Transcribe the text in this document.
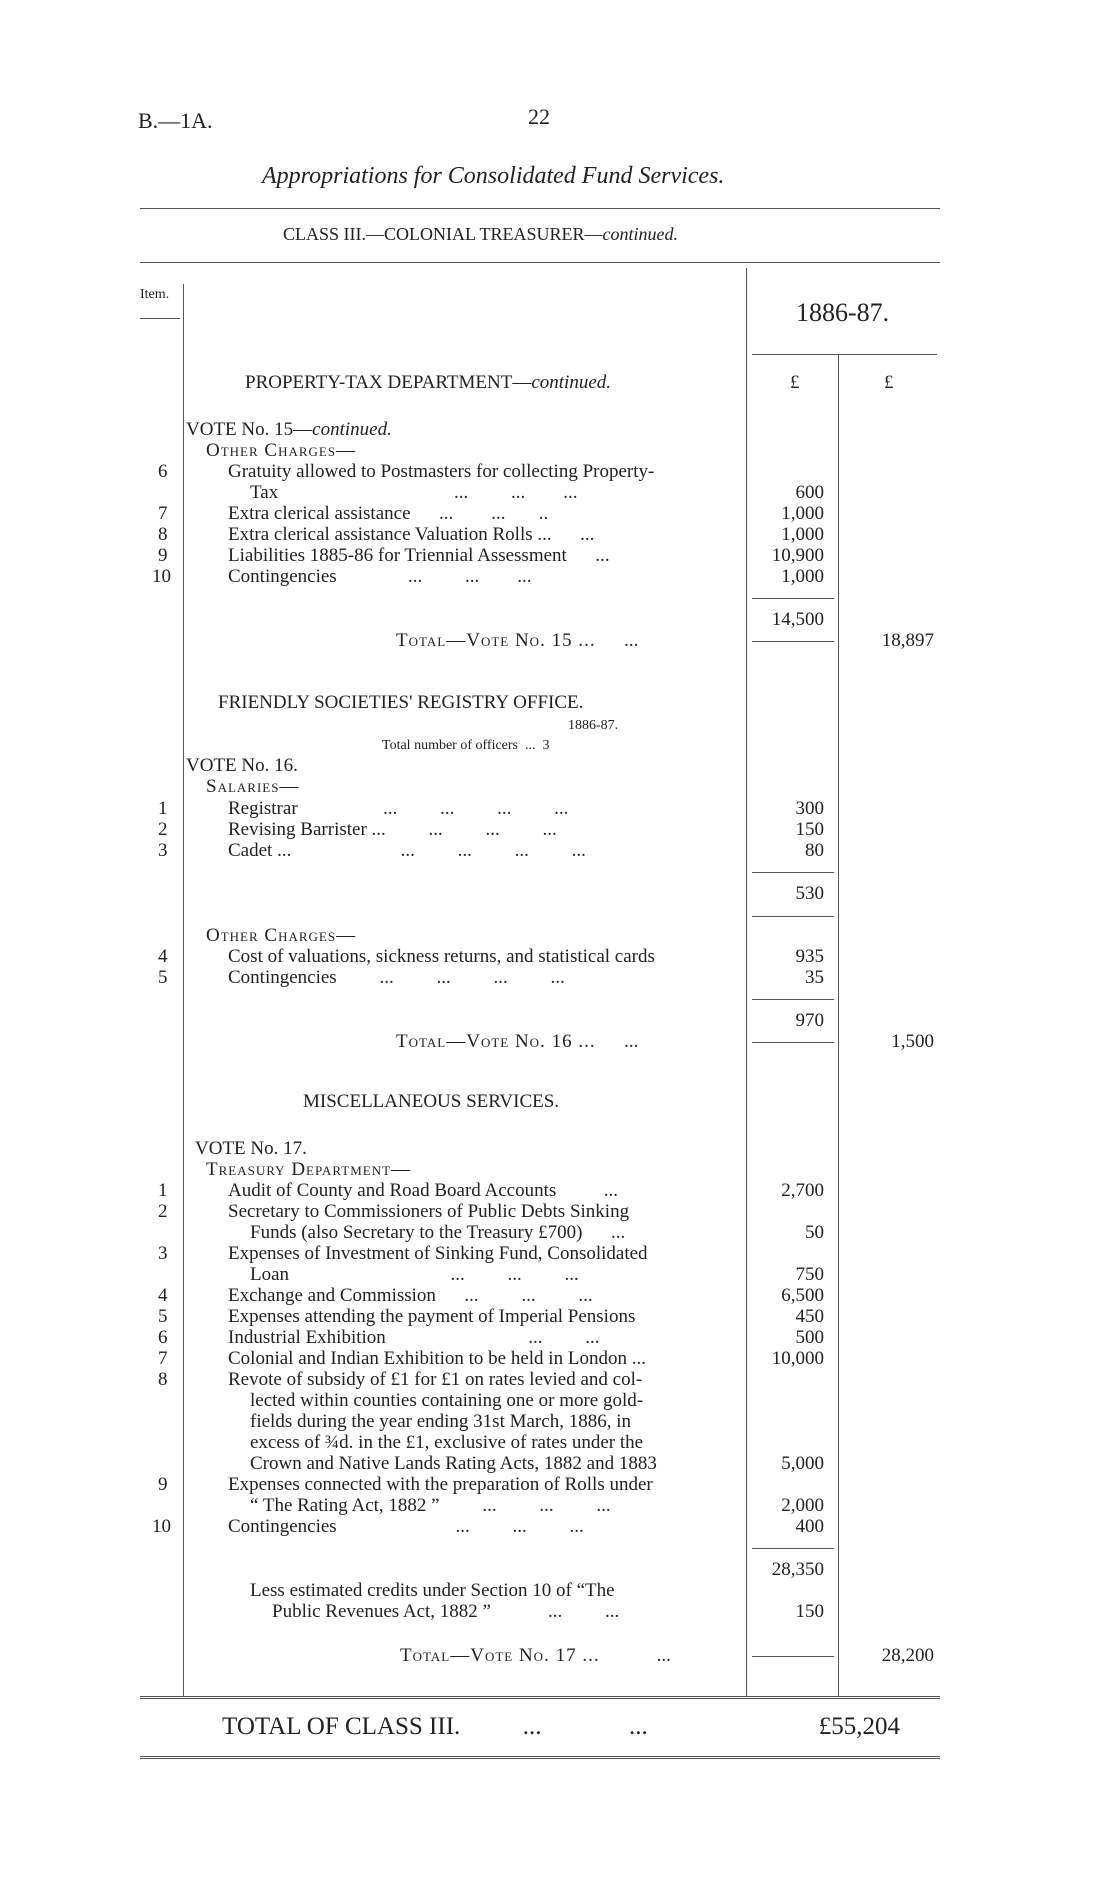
B.—1A.	22
Appropriations for Consolidated Fund Services.
CLASS III.—COLONIAL TREASURER—continued.
Item.
1886-87.
£	£
PROPERTY-TAX DEPARTMENT—continued.
VOTE No. 15—continued.
Other Charges—
6	Gratuity allowed to Postmasters for collecting Property-
Tax                                     ...         ...        ...	600
7	Extra clerical assistance      ...        ...       ..	1,000
8	Extra clerical assistance Valuation Rolls ...      ...	1,000
9	Liabilities 1885-86 for Triennial Assessment      ...	10,900
10	Contingencies               ...         ...        ...	1,000
14,500
Total—Vote No. 15 ...      ...	18,897
FRIENDLY SOCIETIES' REGISTRY OFFICE.
1886-87.
Total number of officers  ...  3
VOTE No. 16.
Salaries—
1	Registrar                  ...         ...         ...         ...	300
2	Revising Barrister ...         ...         ...         ...	150
3	Cadet ...                       ...         ...         ...         ...	80
530
Other Charges—
4	Cost of valuations, sickness returns, and statistical cards	935
5	Contingencies         ...         ...         ...         ...	35
970
Total—Vote No. 16 ...      ...	1,500
MISCELLANEOUS SERVICES.
VOTE No. 17.
Treasury Department—
1	Audit of County and Road Board Accounts          ...	2,700
2	Secretary to Commissioners of Public Debts Sinking
Funds (also Secretary to the Treasury £700)      ...	50
3	Expenses of Investment of Sinking Fund, Consolidated
Loan                                  ...         ...         ...	750
4	Exchange and Commission      ...         ...         ...	6,500
5	Expenses attending the payment of Imperial Pensions	450
6	Industrial Exhibition                              ...         ...	500
7	Colonial and Indian Exhibition to be held in London ...	10,000
8	Revote of subsidy of £1 for £1 on rates levied and col-
lected within counties containing one or more gold-
fields during the year ending 31st March, 1886, in
excess of ¾d. in the £1, exclusive of rates under the
Crown and Native Lands Rating Acts, 1882 and 1883	5,000
9	Expenses connected with the preparation of Rolls under
“ The Rating Act, 1882 ”         ...         ...         ...	2,000
10	Contingencies                         ...         ...         ...	400
28,350
Less estimated credits under Section 10 of “The
Public Revenues Act, 1882 ”            ...         ...	150
Total—Vote No. 17 ...            ...	28,200
TOTAL OF CLASS III.          ...              ...	£55,204
